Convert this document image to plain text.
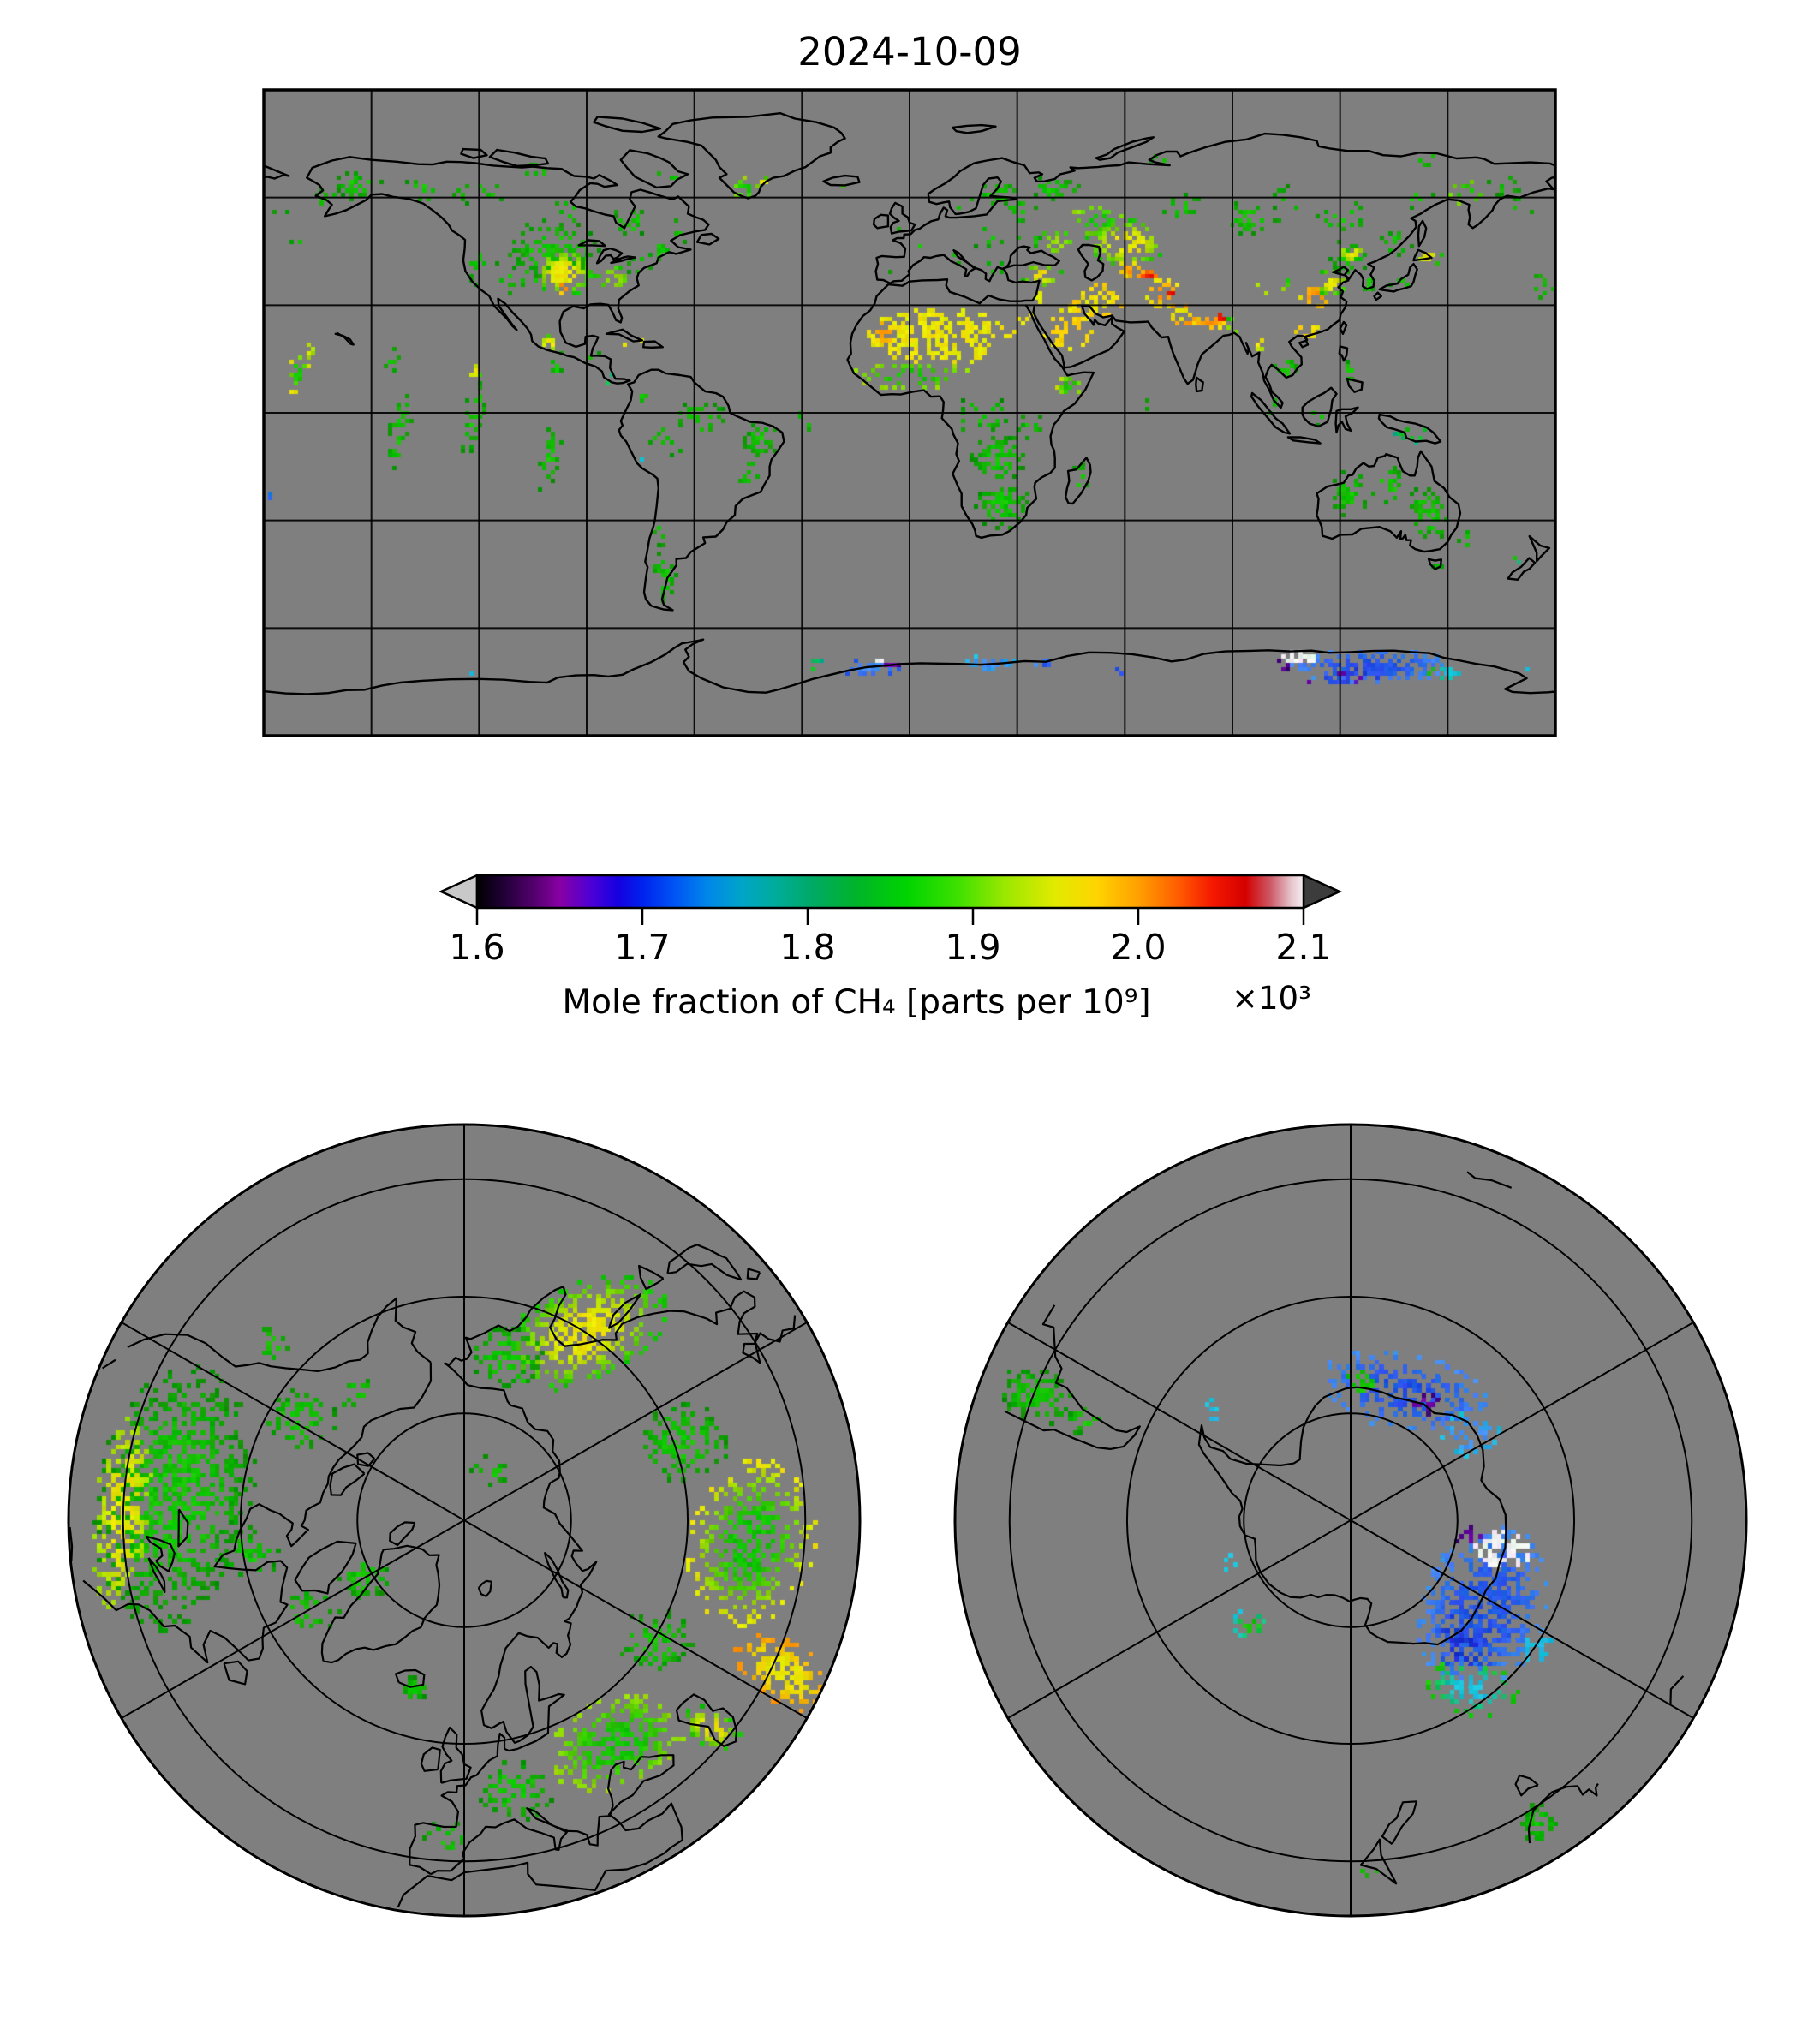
2024-10-09
1.6	1.7	1.8	1.9	2.0	2.1
Mole fraction of CH₄ [parts per 10⁹]	×10³
